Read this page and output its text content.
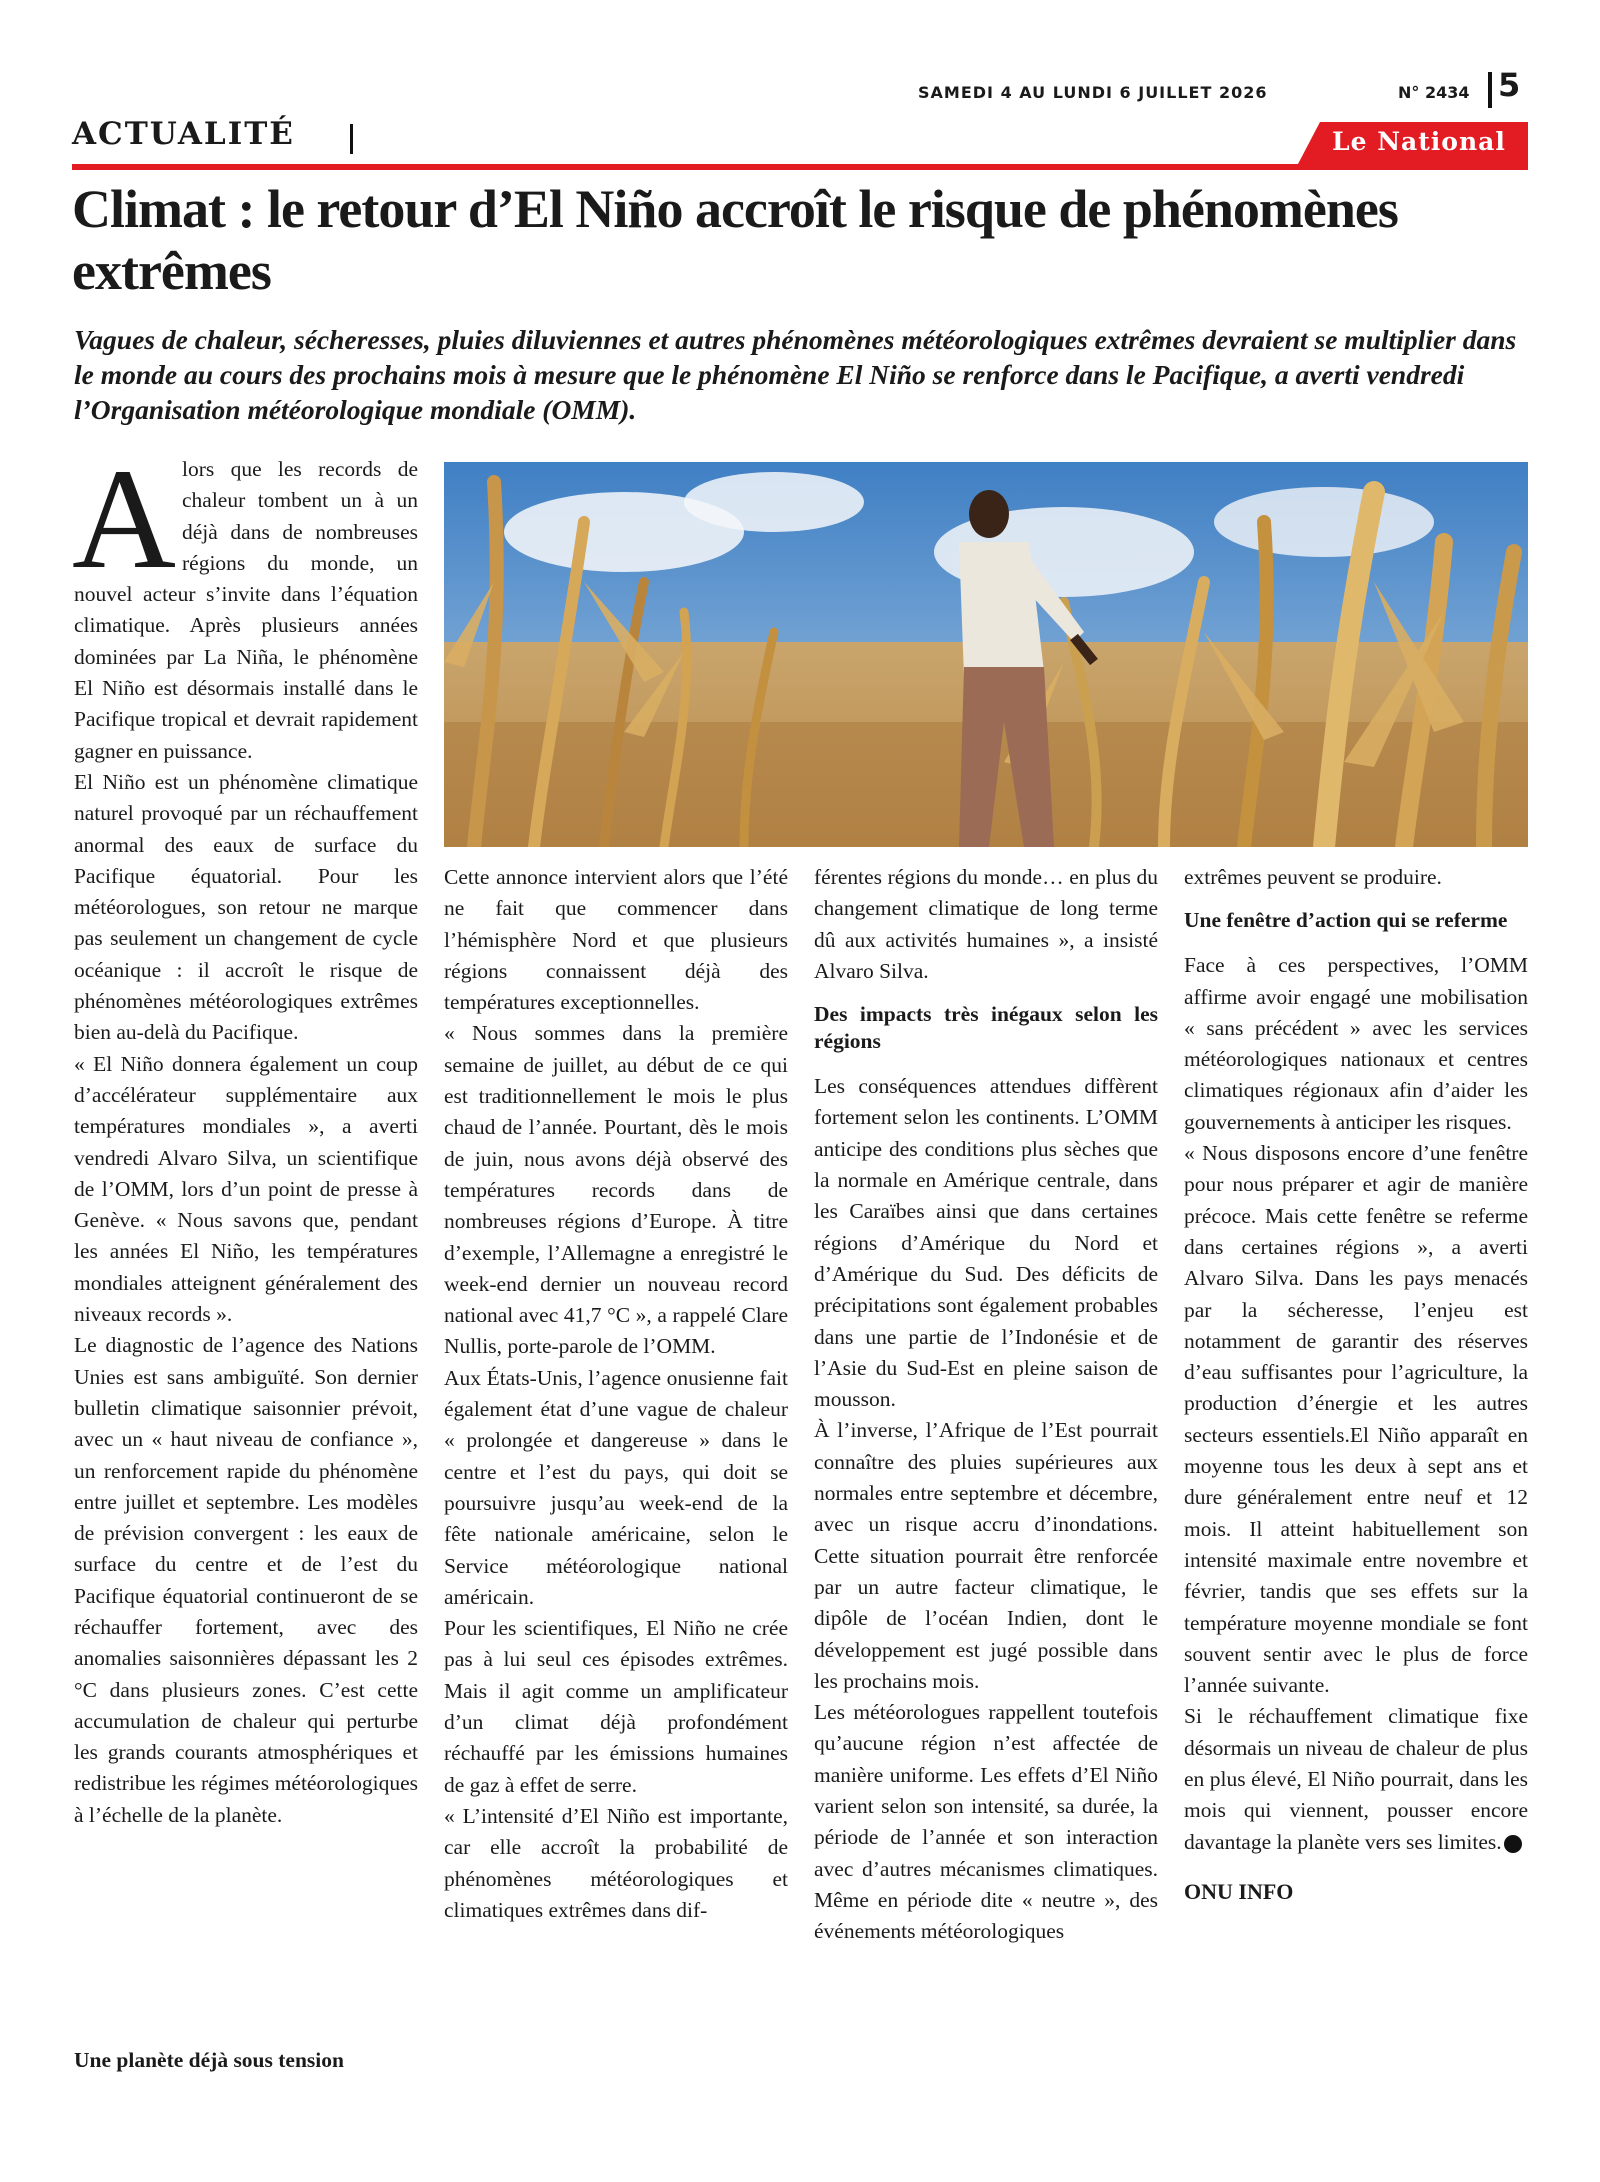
SAMEDI 4 AU LUNDI 6 JUILLET 2026	N° 2434 5
ACTUALITÉ	Le National
Climat : le retour d’El Niño accroît le risque de phénomènes extrêmes

Vagues de chaleur, sécheresses, pluies diluviennes et autres phénomènes météorologiques extrêmes devraient se multiplier dans le monde au cours des prochains mois à mesure que le phénomène El Niño se renforce dans le Pacifique, a averti vendredi l’Organisation météorologique mondiale (OMM).

A lors que les records de chaleur tombent un à un déjà dans de nombreuses régions du monde, un nouvel acteur s’invite dans l’équation climatique. Après plusieurs années dominées par La Niña, le phénomène El Niño est désormais installé dans le Pacifique tropical et devrait rapidement gagner en puissance.

El Niño est un phénomène climatique naturel provoqué par un réchauffement anormal des eaux de surface du Pacifique équatorial. Pour les météorologues, son retour ne marque pas seulement un changement de cycle océanique : il accroît le risque de phénomènes météorologiques extrêmes bien au-delà du Pacifique.

« El Niño donnera également un coup d’accélérateur supplémentaire aux températures mondiales », a averti vendredi Alvaro Silva, un scientifique de l’OMM, lors d’un point de presse à Genève. « Nous savons que, pendant les années El Niño, les températures mondiales atteignent généralement des niveaux records ».

Le diagnostic de l’agence des Nations Unies est sans ambiguïté. Son dernier bulletin climatique saisonnier prévoit, avec un « haut niveau de confiance », un renforcement rapide du phénomène entre juillet et septembre. Les modèles de prévision convergent : les eaux de surface du centre et de l’est du Pacifique équatorial continueront de se réchauffer fortement, avec des anomalies saisonnières dépassant les 2 °C dans plusieurs zones. C’est cette accumulation de chaleur qui perturbe les grands courants atmosphériques et redistribue les régimes météorologiques à l’échelle de la planète.

Une planète déjà sous tension

Cette annonce intervient alors que l’été ne fait que commencer dans l’hémisphère Nord et que plusieurs régions connaissent déjà des températures exceptionnelles.

« Nous sommes dans la première semaine de juillet, au début de ce qui est traditionnellement le mois le plus chaud de l’année. Pourtant, dès le mois de juin, nous avons déjà observé des températures records dans de nombreuses régions d’Europe. À titre d’exemple, l’Allemagne a enregistré le week-end dernier un nouveau record national avec 41,7 °C », a rappelé Clare Nullis, porte-parole de l’OMM.

Aux États-Unis, l’agence onusienne fait également état d’une vague de chaleur « prolongée et dangereuse » dans le centre et l’est du pays, qui doit se poursuivre jusqu’au week-end de la fête nationale américaine, selon le Service météorologique national américain.

Pour les scientifiques, El Niño ne crée pas à lui seul ces épisodes extrêmes. Mais il agit comme un amplificateur d’un climat déjà profondément réchauffé par les émissions humaines de gaz à effet de serre.

« L’intensité d’El Niño est importante, car elle accroît la probabilité de phénomènes météorologiques et climatiques extrêmes dans dif-

férentes régions du monde… en plus du changement climatique de long terme dû aux activités humaines », a insisté Alvaro Silva.

Des impacts très inégaux selon les régions

Les conséquences attendues diffèrent fortement selon les continents. L’OMM anticipe des conditions plus sèches que la normale en Amérique centrale, dans les Caraïbes ainsi que dans certaines régions d’Amérique du Nord et d’Amérique du Sud. Des déficits de précipitations sont également probables dans une partie de l’Indonésie et de l’Asie du Sud-Est en pleine saison de mousson.

À l’inverse, l’Afrique de l’Est pourrait connaître des pluies supérieures aux normales entre septembre et décembre, avec un risque accru d’inondations. Cette situation pourrait être renforcée par un autre facteur climatique, le dipôle de l’océan Indien, dont le développement est jugé possible dans les prochains mois.

Les météorologues rappellent toutefois qu’aucune région n’est affectée de manière uniforme. Les effets d’El Niño varient selon son intensité, sa durée, la période de l’année et son interaction avec d’autres mécanismes climatiques. Même en période dite « neutre », des événements météorologiques

extrêmes peuvent se produire.

Une fenêtre d’action qui se referme

Face à ces perspectives, l’OMM affirme avoir engagé une mobilisation « sans précédent » avec les services météorologiques nationaux et centres climatiques régionaux afin d’aider les gouvernements à anticiper les risques.

« Nous disposons encore d’une fenêtre pour nous préparer et agir de manière précoce. Mais cette fenêtre se referme dans certaines régions », a averti Alvaro Silva. Dans les pays menacés par la sécheresse, l’enjeu est notamment de garantir des réserves d’eau suffisantes pour l’agriculture, la production d’énergie et les autres secteurs essentiels.El Niño apparaît en moyenne tous les deux à sept ans et dure généralement entre neuf et 12 mois. Il atteint habituellement son intensité maximale entre novembre et février, tandis que ses effets sur la température moyenne mondiale se font souvent sentir avec le plus de force l’année suivante.

Si le réchauffement climatique fixe désormais un niveau de chaleur de plus en plus élevé, El Niño pourrait, dans les mois qui viennent, pousser encore davantage la planète vers ses limites.

ONU INFO
